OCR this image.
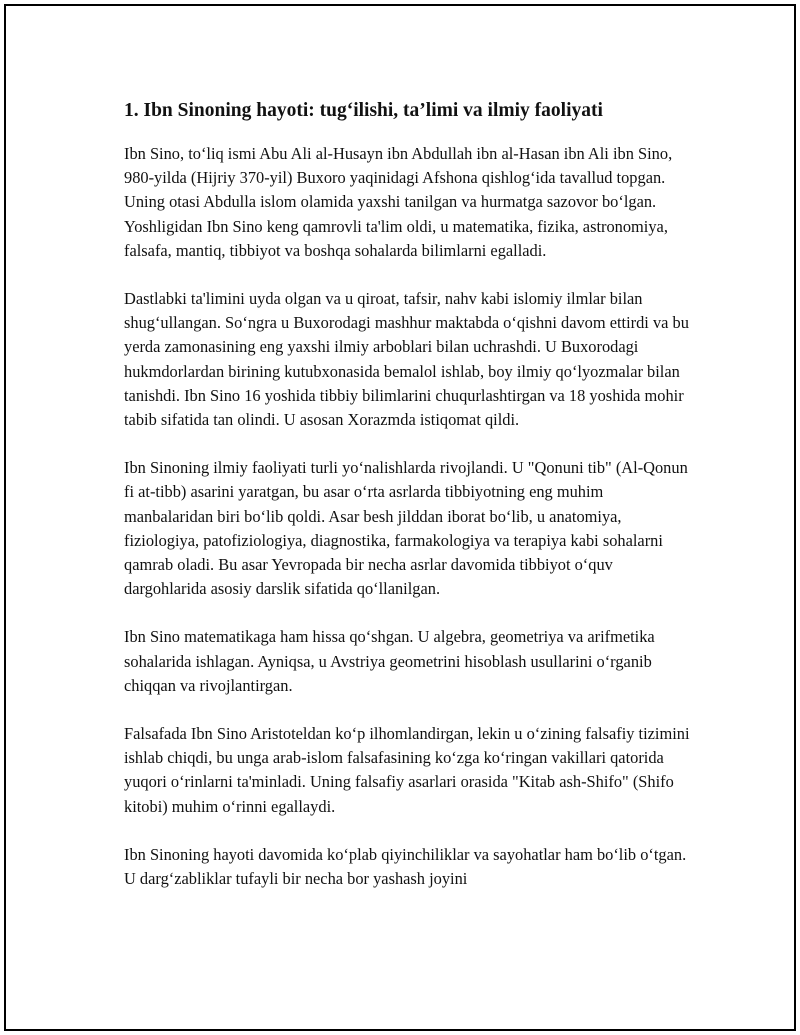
1. Ibn Sinoning hayoti: tug‘ilishi, ta’limi va ilmiy faoliyati

Ibn Sino, to‘liq ismi Abu Ali al-Husayn ibn Abdullah ibn al-Hasan ibn Ali ibn Sino, 980-yilda (Hijriy 370-yil) Buxoro yaqinidagi Afshona qishlog‘ida tavallud topgan. Uning otasi Abdulla islom olamida yaxshi tanilgan va hurmatga sazovor bo‘lgan. Yoshligidan Ibn Sino keng qamrovli ta'lim oldi, u matematika, fizika, astronomiya, falsafa, mantiq, tibbiyot va boshqa sohalarda bilimlarni egalladi.

Dastlabki ta'limini uyda olgan va u qiroat, tafsir, nahv kabi islomiy ilmlar bilan shug‘ullangan. So‘ngra u Buxorodagi mashhur maktabda o‘qishni davom ettirdi va bu yerda zamonasining eng yaxshi ilmiy arboblari bilan uchrashdi. U Buxorodagi hukmdorlardan birining kutubxonasida bemalol ishlab, boy ilmiy qo‘lyozmalar bilan tanishdi. Ibn Sino 16 yoshida tibbiy bilimlarini chuqurlashtirgan va 18 yoshida mohir tabib sifatida tan olindi. U asosan Xorazmda istiqomat qildi.

Ibn Sinoning ilmiy faoliyati turli yo‘nalishlarda rivojlandi. U "Qonuni tib" (Al-Qonun fi at-tibb) asarini yaratgan, bu asar o‘rta asrlarda tibbiyotning eng muhim manbalaridan biri bo‘lib qoldi. Asar besh jilddan iborat bo‘lib, u anatomiya, fiziologiya, patofiziologiya, diagnostika, farmakologiya va terapiya kabi sohalarni qamrab oladi. Bu asar Yevropada bir necha asrlar davomida tibbiyot o‘quv dargohlarida asosiy darslik sifatida qo‘llanilgan.

Ibn Sino matematikaga ham hissa qo‘shgan. U algebra, geometriya va arifmetika sohalarida ishlagan. Ayniqsa, u Avstriya geometrini hisoblash usullarini o‘rganib chiqqan va rivojlantirgan.

Falsafada Ibn Sino Aristoteldan ko‘p ilhomlandirgan, lekin u o‘zining falsafiy tizimini ishlab chiqdi, bu unga arab-islom falsafasining ko‘zga ko‘ringan vakillari qatorida yuqori o‘rinlarni ta'minladi. Uning falsafiy asarlari orasida "Kitab ash-Shifo" (Shifo kitobi) muhim o‘rinni egallaydi.

Ibn Sinoning hayoti davomida ko‘plab qiyinchiliklar va sayohatlar ham bo‘lib o‘tgan. U darg‘zabliklar tufayli bir necha bor yashash joyini
